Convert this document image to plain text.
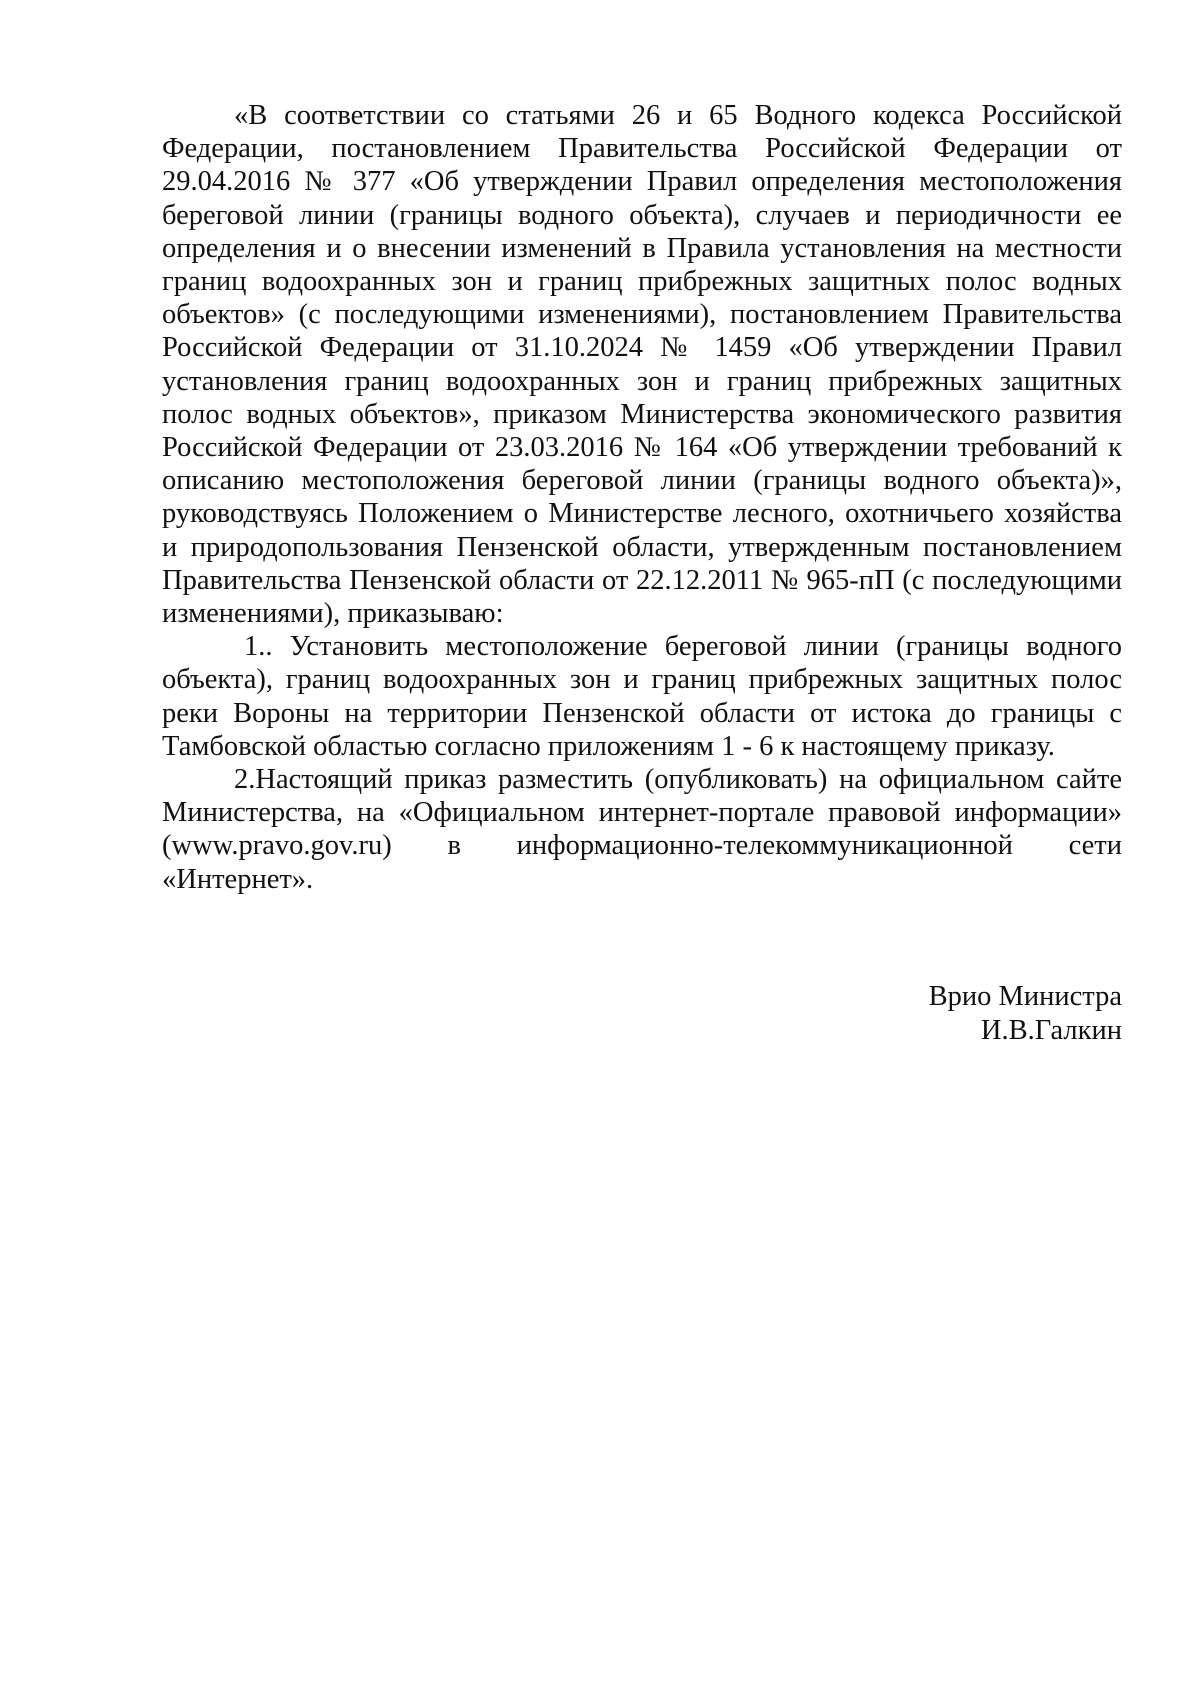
«В соответствии со статьями 26 и 65 Водного кодекса Российской Федерации, постановлением Правительства Российской Федерации от 29.04.2016 № 377 «Об утверждении Правил определения местоположения береговой линии (границы водного объекта), случаев и периодичности ее определения и о внесении изменений в Правила установления на местности границ водоохранных зон и границ прибрежных защитных полос водных объектов» (с последующими изменениями), постановлением Правительства Российской Федерации от 31.10.2024 № 1459 «Об утверждении Правил установления границ водоохранных зон и границ прибрежных защитных полос водных объектов», приказом Министерства экономического развития Российской Федерации от 23.03.2016 № 164 «Об утверждении требований к описанию местоположения береговой линии (границы водного объекта)», руководствуясь Положением о Министерстве лесного, охотничьего хозяйства и природопользования Пензенской области, утвержденным постановлением Правительства Пензенской области от 22.12.2011 № 965-пП (с последующими изменениями), приказываю:

1.. Установить местоположение береговой линии (границы водного объекта), границ водоохранных зон и границ прибрежных защитных полос реки Вороны на территории Пензенской области от истока до границы с Тамбовской областью согласно приложениям 1 - 6 к настоящему приказу.

2.Настоящий приказ разместить (опубликовать) на официальном сайте Министерства, на «Официальном интернет-портале правовой информации» (www.pravo.gov.ru) в информационно-телекоммуникационной сети «Интернет».

Врио Министра
И.В.Галкин
